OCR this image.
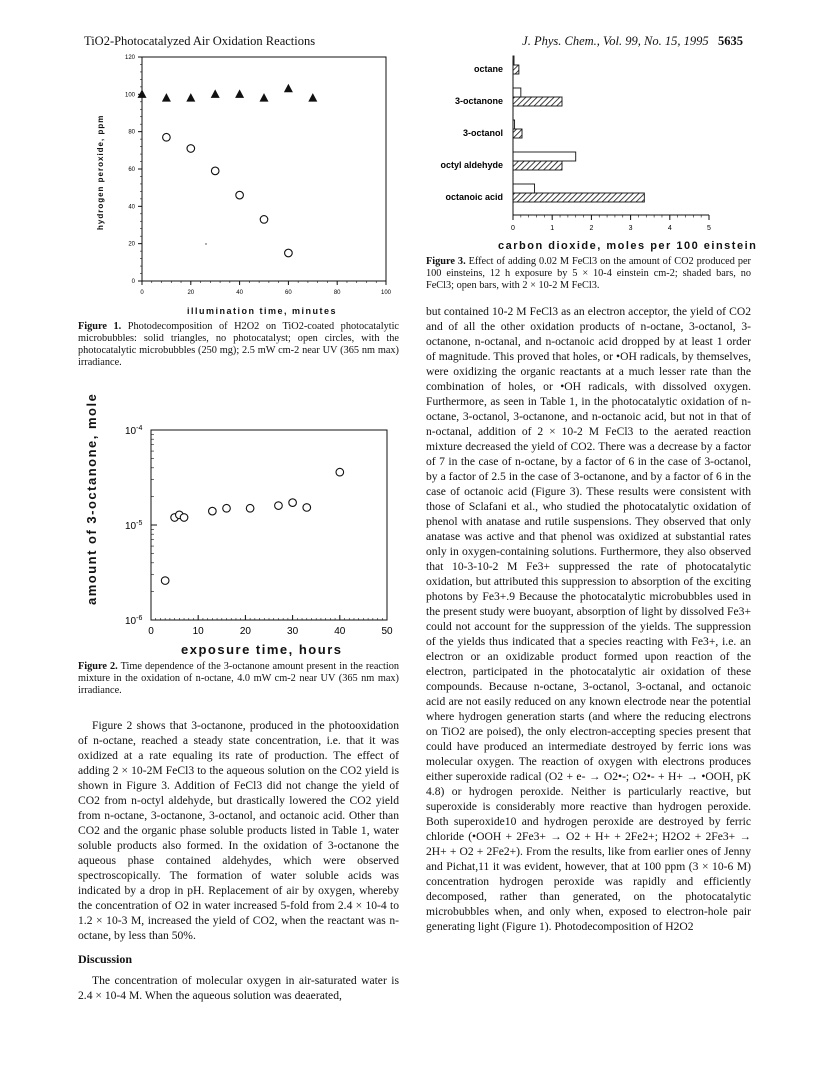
TiO2-Photocatalyzed Air Oxidation Reactions	J. Phys. Chem., Vol. 99, No. 15, 1995 5635
0	20	40	60	80	100
0
20
40
60
80
100
120
hydrogen peroxide, ppm
illumination time, minutes
Figure 1. Photodecomposition of H2O2 on TiO2-coated photocatalytic microbubbles: solid triangles, no photocatalyst; open circles, with the photocatalytic microbubbles (250 mg); 2.5 mW cm-2 near UV (365 nm max) irradiance.
0	10	20	30	40	50
$10^{-4}$
$10^{-5}$
$10^{-6}$
amount of 3-octanone, mole
exposure time, hours
Figure 2. Time dependence of the 3-octanone amount present in the reaction mixture in the oxidation of n-octane, 4.0 mW cm-2 near UV (365 nm max) irradiance.

Figure 2 shows that 3-octanone, produced in the photooxidation of n-octane, reached a steady state concentration, i.e. that it was oxidized at a rate equaling its rate of production. The effect of adding 2 × 10-2M FeCl3 to the aqueous solution on the CO2 yield is shown in Figure 3. Addition of FeCl3 did not change the yield of CO2 from n-octyl aldehyde, but drastically lowered the CO2 yield from n-octane, 3-octanone, 3-octanol, and octanoic acid. Other than CO2 and the organic phase soluble products listed in Table 1, water soluble products also formed. In the oxidation of 3-octanone the aqueous phase contained aldehydes, which were observed spectroscopically. The formation of water soluble acids was indicated by a drop in pH. Replacement of air by oxygen, whereby the concentration of O2 in water increased 5-fold from 2.4 × 10-4 to 1.2 × 10-3 M, increased the yield of CO2, when the reactant was n-octane, by less than 50%.

Discussion

The concentration of molecular oxygen in air-saturated water is 2.4 × 10-4 M. When the aqueous solution was deaerated,

octane
3-octanone
3-octanol
octyl aldehyde
octanoic acid
0	1	2	3	4	5
carbon dioxide, moles per 100 einstein
Figure 3. Effect of adding 0.02 M FeCl3 on the amount of CO2 produced per 100 einsteins, 12 h exposure by 5 × 10-4 einstein cm-2; shaded bars, no FeCl3; open bars, with 2 × 10-2 M FeCl3.

but contained 10-2 M FeCl3 as an electron acceptor, the yield of CO2 and of all the other oxidation products of n-octane, 3-octanol, 3-octanone, n-octanal, and n-octanoic acid dropped by at least 1 order of magnitude. This proved that holes, or •OH radicals, by themselves, were oxidizing the organic reactants at a much lesser rate than the combination of holes, or •OH radicals, with dissolved oxygen. Furthermore, as seen in Table 1, in the photocatalytic oxidation of n-octane, 3-octanol, 3-octanone, and n-octanoic acid, but not in that of n-octanal, addition of 2 × 10-2 M FeCl3 to the aerated reaction mixture decreased the yield of CO2. There was a decrease by a factor of 7 in the case of n-octane, by a factor of 6 in the case of 3-octanol, by a factor of 2.5 in the case of 3-octanone, and by a factor of 6 in the case of octanoic acid (Figure 3). These results were consistent with those of Sclafani et al., who studied the photocatalytic oxidation of phenol with anatase and rutile suspensions. They observed that only anatase was active and that phenol was oxidized at substantial rates only in oxygen-containing solutions. Furthermore, they also observed that 10-3-10-2 M Fe3+ suppressed the rate of photocatalytic oxidation, but attributed this suppression to absorption of the exciting photons by Fe3+.9 Because the photocatalytic microbubbles used in the present study were buoyant, absorption of light by dissolved Fe3+ could not account for the suppression of the yields. The suppression of the yields thus indicated that a species reacting with Fe3+, i.e. an electron or an oxidizable product formed upon reaction of the electron, participated in the photocatalytic air oxidation of these compounds. Because n-octane, 3-octanol, 3-octanal, and octanoic acid are not easily reduced on any known electrode near the potential where hydrogen generation starts (and where the reducing electrons on TiO2 are poised), the only electron-accepting species present that could have produced an intermediate destroyed by ferric ions was molecular oxygen. The reaction of oxygen with electrons produces either superoxide radical (O2 + e- → O2•-; O2•- + H+ → •OOH, pK 4.8) or hydrogen peroxide. Neither is particularly reactive, but superoxide is considerably more reactive than hydrogen peroxide. Both superoxide10 and hydrogen peroxide are destroyed by ferric chloride (•OOH + 2Fe3+ → O2 + H+ + 2Fe2+; H2O2 + 2Fe3+ → 2H+ + O2 + 2Fe2+). From the results, like from earlier ones of Jenny and Pichat,11 it was evident, however, that at 100 ppm (3 × 10-6 M) concentration hydrogen peroxide was rapidly and efficiently decomposed, rather than generated, on the photocatalytic microbubbles when, and only when, exposed to electron-hole pair generating light (Figure 1). Photodecomposition of H2O2
